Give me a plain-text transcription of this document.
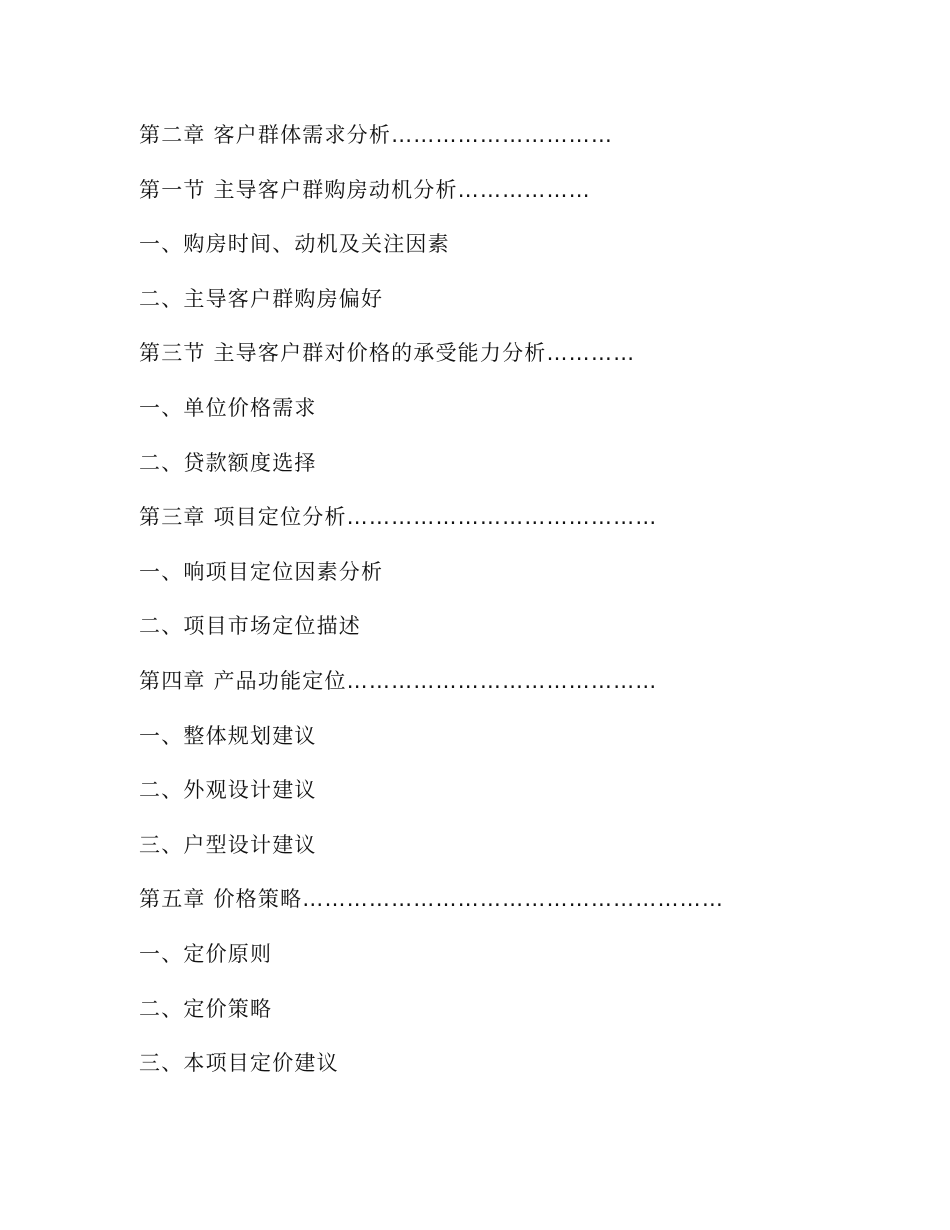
第二章 客户群体需求分析…………………………
第一节 主导客户群购房动机分析………………
一、购房时间、动机及关注因素
二、主导客户群购房偏好
第三节 主导客户群对价格的承受能力分析…………
一、单位价格需求
二、贷款额度选择
第三章 项目定位分析……………………………………
一、响项目定位因素分析
二、项目市场定位描述
第四章 产品功能定位……………………………………
一、整体规划建议
二、外观设计建议
三、户型设计建议
第五章 价格策略…………………………………………………
一、定价原则
二、定价策略
三、本项目定价建议
